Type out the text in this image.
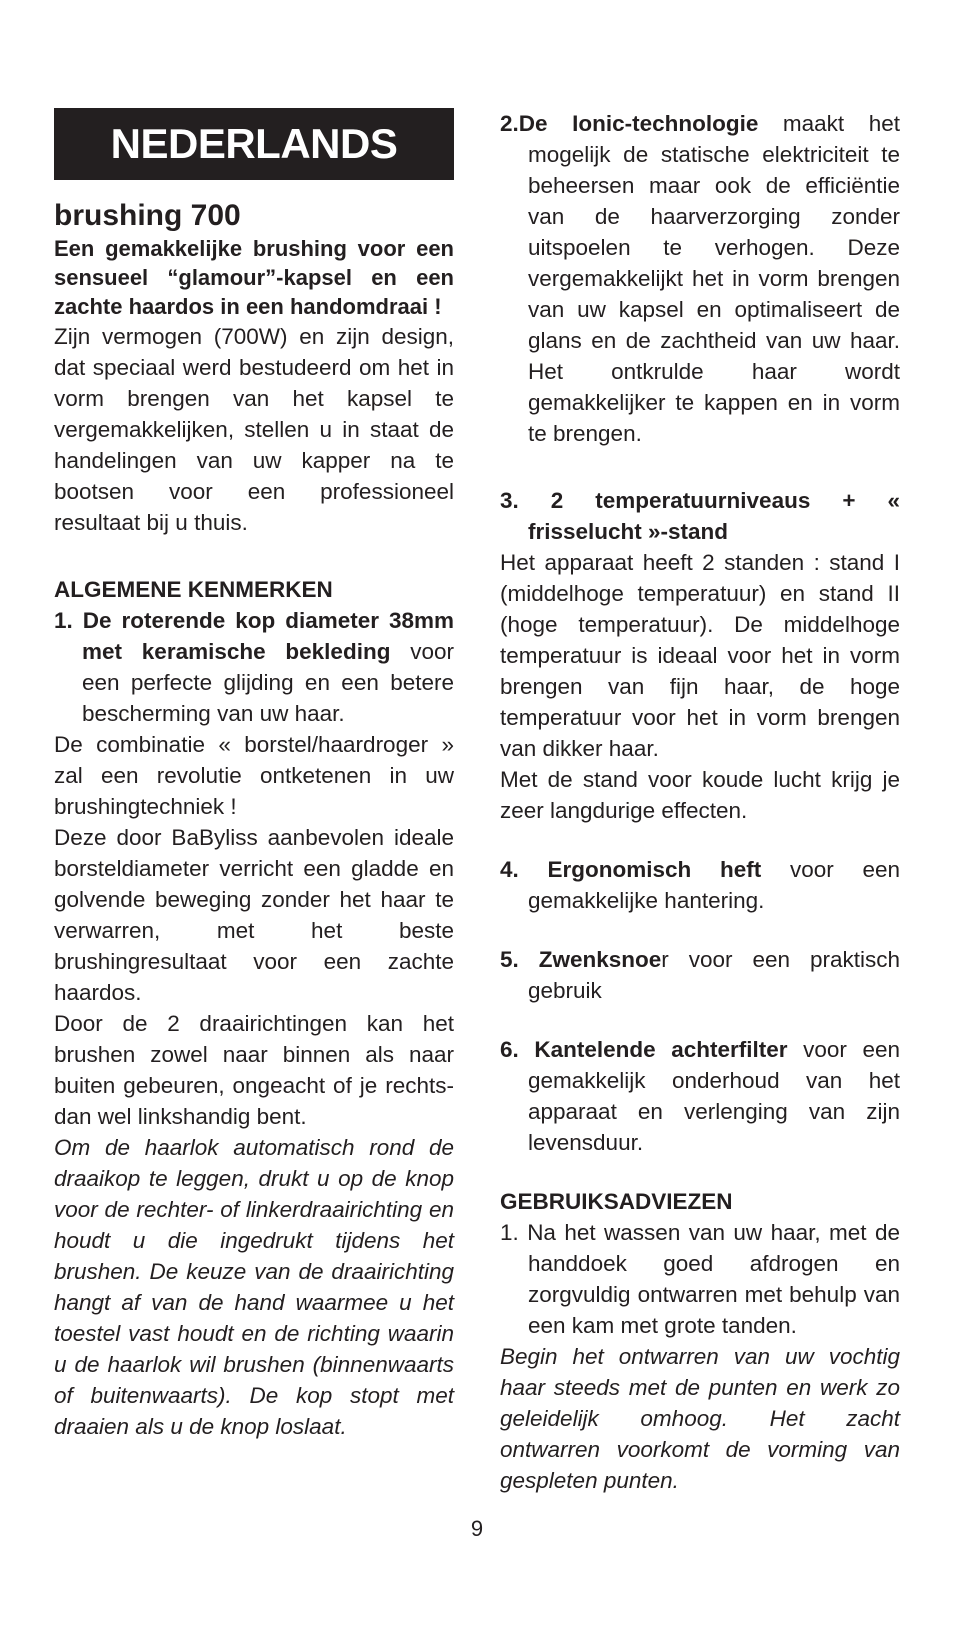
NEDERLANDS
brushing 700

Een gemakkelijke brushing voor een sensueel “glamour”-kapsel en een zachte haardos in een handomdraai !

Zijn vermogen (700W) en zijn design, dat speciaal werd bestudeerd om het in vorm brengen van het kapsel te vergemakkelijken, stellen u in staat de handelingen van uw kapper na te bootsen voor een professioneel resultaat bij u thuis.

ALGEMENE KENMERKEN

1. De roterende kop diameter 38mm met keramische bekleding voor een perfecte glijding en een betere bescherming van uw haar.

De combinatie « borstel/haardroger » zal een revolutie ontketenen in uw brushingtechniek !

Deze door BaByliss aanbevolen ideale borsteldiameter verricht een gladde en golvende beweging zonder het haar te verwarren, met het beste brushingresultaat voor een zachte haardos.

Door de 2 draairichtingen kan het brushen zowel naar binnen als naar buiten gebeuren, ongeacht of je rechts- dan wel linkshandig bent.

Om de haarlok automatisch rond de draaikop te leggen, drukt u op de knop voor de rechter- of linkerdraairichting en houdt u die ingedrukt tijdens het brushen. De keuze van de draairichting hangt af van de hand waarmee u het toestel vast houdt en de richting waarin u de haarlok wil brushen (binnenwaarts of buitenwaarts). De kop stopt met draaien als u de knop loslaat.

2.De Ionic-technologie maakt het mogelijk de statische elektriciteit te beheersen maar ook de efficiëntie van de haarverzorging zonder uitspoelen te verhogen. Deze vergemakkelijkt het in vorm brengen van uw kapsel en optimaliseert de glans en de zachtheid van uw haar. Het ontkrulde haar wordt gemakkelijker te kappen en in vorm te brengen.

3. 2 temperatuurniveaus + « frisselucht »-stand

Het apparaat heeft 2 standen : stand I (middelhoge temperatuur) en stand II (hoge temperatuur). De middelhoge temperatuur is ideaal voor het in vorm brengen van fijn haar, de hoge temperatuur voor het in vorm brengen van dikker haar.

Met de stand voor koude lucht krijg je zeer langdurige effecten.

4. Ergonomisch heft voor een gemakkelijke hantering.

5. Zwenksnoer voor een praktisch gebruik

6. Kantelende achterfilter voor een gemakkelijk onderhoud van het apparaat en verlenging van zijn levensduur.

GEBRUIKSADVIEZEN

1. Na het wassen van uw haar, met de handdoek goed afdrogen en zorgvuldig ontwarren met behulp van een kam met grote tanden.

Begin het ontwarren van uw vochtig haar steeds met de punten en werk zo geleidelijk omhoog. Het zacht ontwarren voorkomt de vorming van gespleten punten.

9
